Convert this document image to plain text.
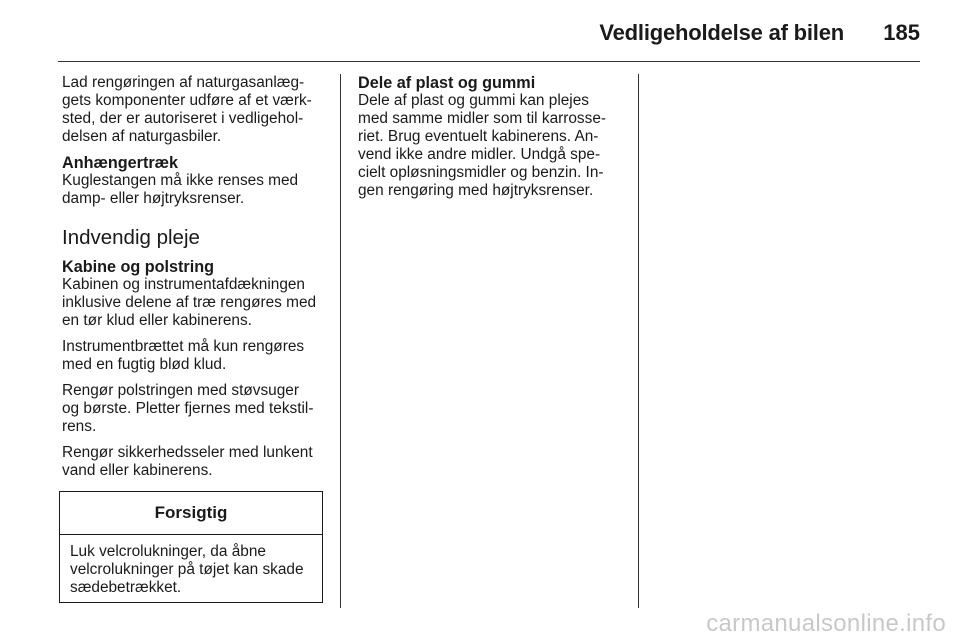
Vedligeholdelse af bilen 185

Lad rengøringen af naturgasanlæg-
gets komponenter udføre af et værk-
sted, der er autoriseret i vedligehol-
delsen af naturgasbiler.

Anhængertræk

Kuglestangen må ikke renses med
damp- eller højtryksrenser.

Indvendig pleje
Kabine og polstring

Kabinen og instrumentafdækningen
inklusive delene af træ rengøres med
en tør klud eller kabinerens.

Instrumentbrættet må kun rengøres
med en fugtig blød klud.

Rengør polstringen med støvsuger
og børste. Pletter fjernes med tekstil-
rens.

Rengør sikkerhedsseler med lunkent
vand eller kabinerens.

Forsigtig
Luk velcrolukninger, da åbne
velcrolukninger på tøjet kan skade
sædebetrækket.
Dele af plast og gummi

Dele af plast og gummi kan plejes
med samme midler som til karrosse-
riet. Brug eventuelt kabinerens. An-
vend ikke andre midler. Undgå spe-
cielt opløsningsmidler og benzin. In-
gen rengøring med højtryksrenser.

carmanualsonline.info
